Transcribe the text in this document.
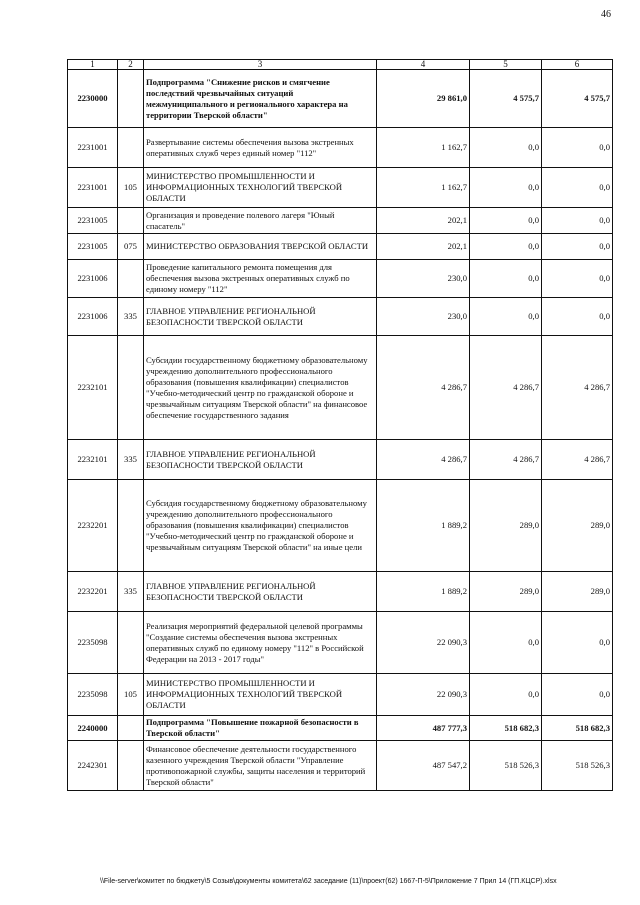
46
1	2	3	4	5	6
2230000		Подпрограмма "Снижение рисков и смягчение последствий чрезвычайных ситуаций межмуниципального и регионального характера на территории Тверской области"	29 861,0	4 575,7	4 575,7
2231001		Развертывание системы обеспечения вызова экстренных оперативных служб через единый номер "112"	1 162,7	0,0	0,0
2231001	105	МИНИСТЕРСТВО ПРОМЫШЛЕННОСТИ И ИНФОРМАЦИОННЫХ ТЕХНОЛОГИЙ ТВЕРСКОЙ ОБЛАСТИ	1 162,7	0,0	0,0
2231005		Организация и проведение полевого лагеря "Юный спасатель"	202,1	0,0	0,0
2231005	075	МИНИСТЕРСТВО ОБРАЗОВАНИЯ ТВЕРСКОЙ ОБЛАСТИ	202,1	0,0	0,0
2231006		Проведение капитального ремонта помещения для обеспечения вызова экстренных оперативных служб по единому номеру "112"	230,0	0,0	0,0
2231006	335	ГЛАВНОЕ УПРАВЛЕНИЕ РЕГИОНАЛЬНОЙ БЕЗОПАСНОСТИ ТВЕРСКОЙ ОБЛАСТИ	230,0	0,0	0,0
2232101		Субсидии государственному бюджетному образовательному учреждению дополнительного профессионального образования (повышения квалификации) специалистов "Учебно-методический центр по гражданской обороне и чрезвычайным ситуациям Тверской области" на финансовое обеспечение государственного задания	4 286,7	4 286,7	4 286,7
2232101	335	ГЛАВНОЕ УПРАВЛЕНИЕ РЕГИОНАЛЬНОЙ БЕЗОПАСНОСТИ ТВЕРСКОЙ ОБЛАСТИ	4 286,7	4 286,7	4 286,7
2232201		Субсидия государственному бюджетному образовательному учреждению дополнительного профессионального образования (повышения квалификации) специалистов "Учебно-методический центр по гражданской обороне и чрезвычайным ситуациям Тверской области" на иные цели	1 889,2	289,0	289,0
2232201	335	ГЛАВНОЕ УПРАВЛЕНИЕ РЕГИОНАЛЬНОЙ БЕЗОПАСНОСТИ ТВЕРСКОЙ ОБЛАСТИ	1 889,2	289,0	289,0
2235098		Реализация мероприятий федеральной целевой программы "Создание системы обеспечения вызова экстренных оперативных служб по единому номеру "112" в Российской Федерации на 2013 - 2017 годы"	22 090,3	0,0	0,0
2235098	105	МИНИСТЕРСТВО ПРОМЫШЛЕННОСТИ И ИНФОРМАЦИОННЫХ ТЕХНОЛОГИЙ ТВЕРСКОЙ ОБЛАСТИ	22 090,3	0,0	0,0
2240000		Подпрограмма "Повышение пожарной безопасности в Тверской области"	487 777,3	518 682,3	518 682,3
2242301		Финансовое обеспечение деятельности государственного казенного учреждения Тверской области "Управление противопожарной службы, защиты населения и территорий Тверской области"	487 547,2	518 526,3	518 526,3
\\File-server\комитет по бюджету\5 Созыв\документы комитета\62 заседание (11)\проект(62) 1667-П-5\Приложение 7 Прил 14 (ГП.КЦСР).xlsx
